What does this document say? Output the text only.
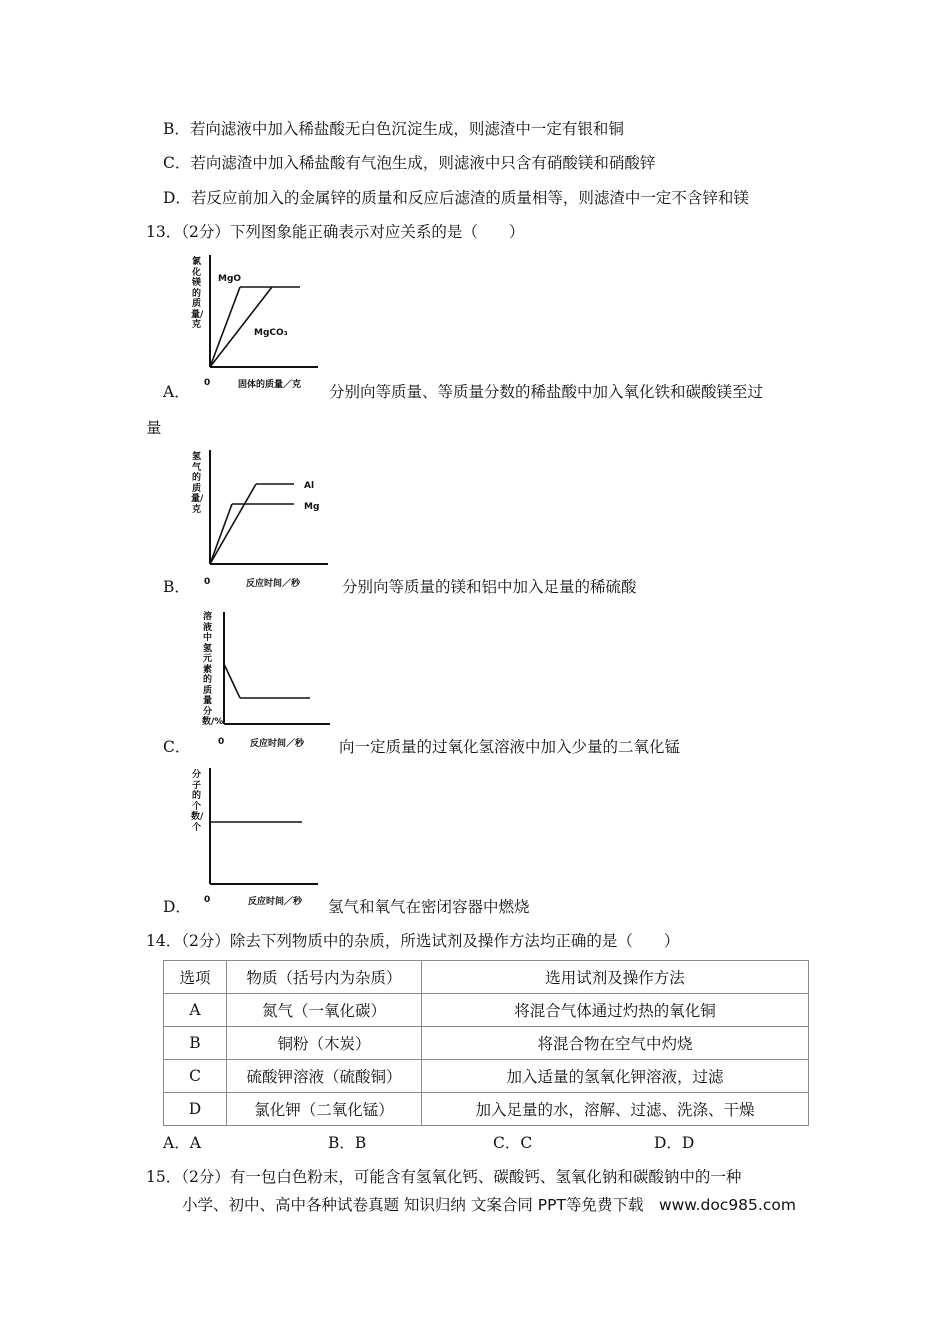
B．若向滤液中加入稀盐酸无白色沉淀生成，则滤渣中一定有银和铜
C．若向滤渣中加入稀盐酸有气泡生成，则滤液中只含有硝酸镁和硝酸锌
D．若反应前加入的金属锌的质量和反应后滤渣的质量相等，则滤渣中一定不含锌和镁
13．（2分）下列图象能正确表示对应关系的是（　　）
氯化镁的质量/克
MgO
MgCO₃
0	固体的质量／克
A．	分别向等质量、等质量分数的稀盐酸中加入氧化铁和碳酸镁至过
量
氢气的质量/克
Al
Mg
0	反应时间／秒
B．	分别向等质量的镁和铝中加入足量的稀硫酸
溶液中氢元素的质量分数/%
0	反应时间／秒
C．	向一定质量的过氧化氢溶液中加入少量的二氧化锰
分子的个数/个
0	反应时间／秒
D．	氢气和氧气在密闭容器中燃烧
14．（2分）除去下列物质中的杂质，所选试剂及操作方法均正确的是（　　）
选项	物质（括号内为杂质）	选用试剂及操作方法
A	氮气（一氧化碳）	将混合气体通过灼热的氧化铜
B	铜粉（木炭）	将混合物在空气中灼烧
C	硫酸钾溶液（硫酸铜）	加入适量的氢氧化钾溶液，过滤
D	氯化钾（二氧化锰）	加入足量的水，溶解、过滤、洗涤、干燥
A．A	B．B	C．C	D．D
15．（2分）有一包白色粉末，可能含有氢氧化钙、碳酸钙、氢氧化钠和碳酸钠中的一种
小学、初中、高中各种试卷真题 知识归纳 文案合同 PPT等免费下载　www.doc985.com
